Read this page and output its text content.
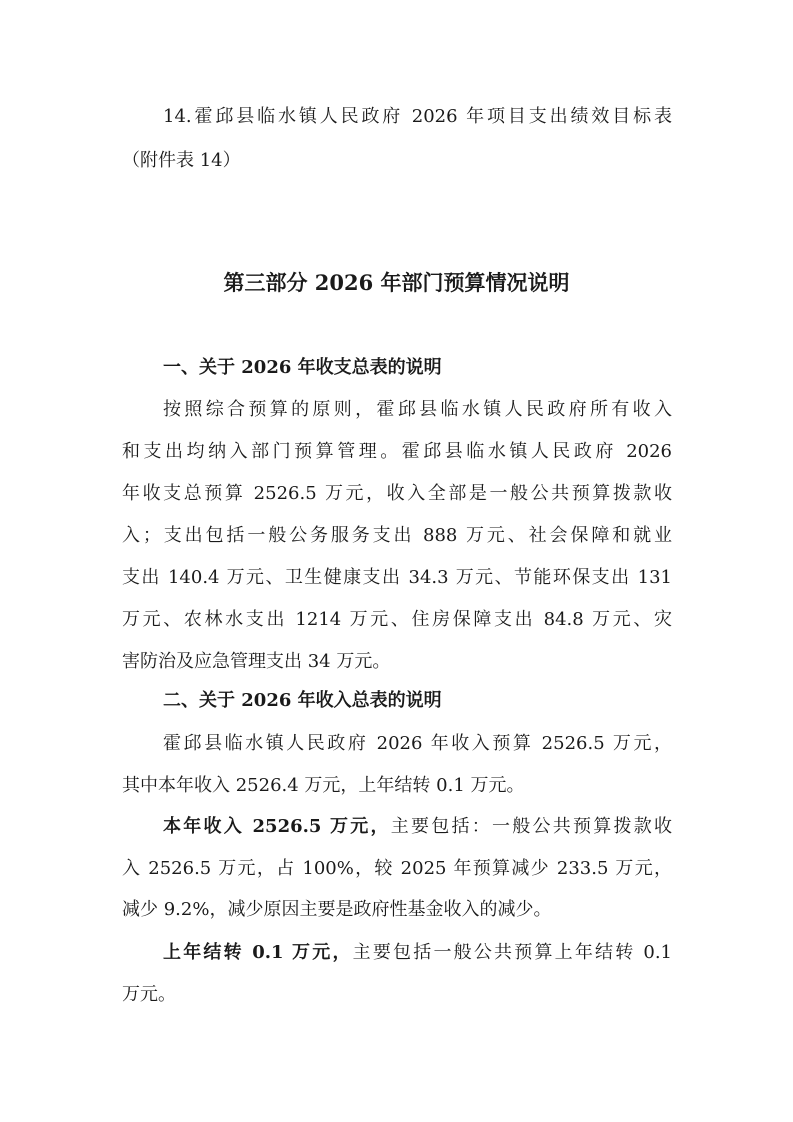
14.霍邱县临水镇人民政府 2026 年项目支出绩效目标表
（附件表 14）
第三部分 2026 年部门预算情况说明
一、关于 2026 年收支总表的说明
按照综合预算的原则，霍邱县临水镇人民政府所有收入
和支出均纳入部门预算管理。霍邱县临水镇人民政府 2026
年收支总预算 2526.5 万元，收入全部是一般公共预算拨款收
入；支出包括一般公务服务支出 888 万元、社会保障和就业
支出 140.4 万元、卫生健康支出 34.3 万元、节能环保支出 131
万元、农林水支出 1214 万元、住房保障支出 84.8 万元、灾
害防治及应急管理支出 34 万元。
二、关于 2026 年收入总表的说明
霍邱县临水镇人民政府 2026 年收入预算 2526.5 万元，
其中本年收入 2526.4 万元，上年结转 0.1 万元。
本年收入 2526.5 万元，主要包括：一般公共预算拨款收
入 2526.5 万元，占 100%，较 2025 年预算减少 233.5 万元，
减少 9.2%，减少原因主要是政府性基金收入的减少。
上年结转 0.1 万元，主要包括一般公共预算上年结转 0.1
万元。
